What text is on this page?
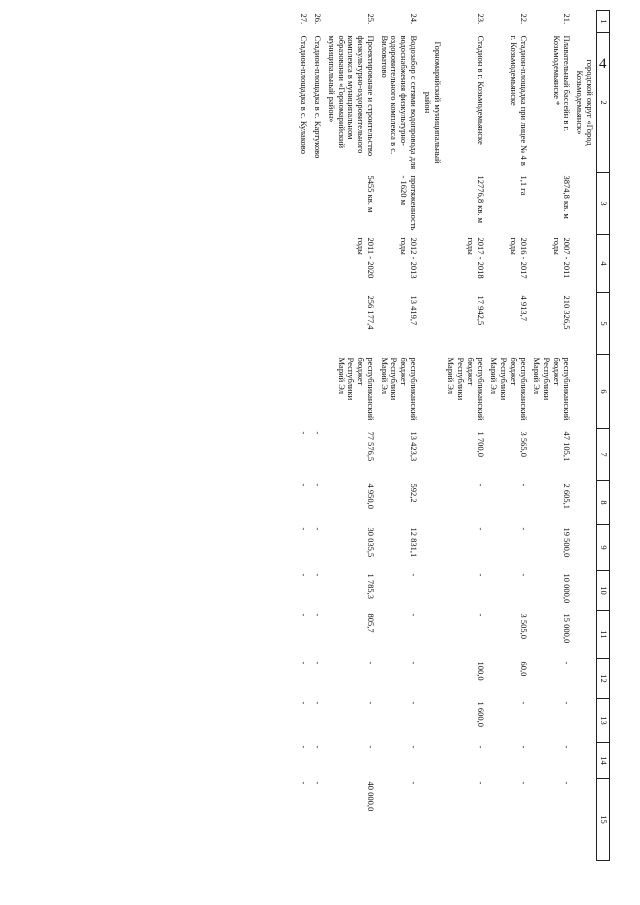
4
1	2	3	4	5	6	7	8	9	10	11	12	13	14	15
	городской округ «Город Козьмодемьянск»													
21.	Плавательный бассейн в г. Козьмодемьянске *	3874,8 кв. м	2007 - 2011 годы	210 326,5	республиканский бюджет Республики Марий Эл	47 105,1	2 605,1	19 500,0	10 000,0	15 000,0	-	-	-	-
22.	Стадион-площадка при лицее № 4 в г. Козьмодемьянске	1,1 га	2016 - 2017 годы	4 913,7	республиканский бюджет Республики Марий Эл	3 565,0	-	-	-	3 505,0	60,0	-	-	-
23.	Стадион в г. Козьмодемьянске	12776,8 кв. м	2017 - 2018 годы	17 942,5	республиканский бюджет Республики Марий Эл	1 700,0	-	-	-	-	100,0	1 600,0	-	-
	Горномарийский муниципальный район													
24.	Водозабор с сетями водопровода для водоснабжения физкультурно-оздоровительного комплекса в с. Виловатово	протяженность - 1620 м	2012 - 2013 годы	13 419,7	республиканский бюджет Республики Марий Эл	13 423,3	592,2	12 831,1	-	-	-	-	-	-
25.	Проектирование и строительство физкультурно-оздоровительного комплекса в муниципальном образовании «Горномарийский муниципальный район»	5455 кв. м	2011 - 2020 годы	256 177,4	республиканский бюджет Республики Марий Эл	77 576,5	4 950,0	30 035,5	1 785,3	805,7	-	-	-	40 000,0
26.	Стадион-площадка в с. Картуково					-	-	-	-	-	-	-	-	-
27.	Стадион-площадка в с. Кулаково					-	-	-	-	-	-	-	-	-
